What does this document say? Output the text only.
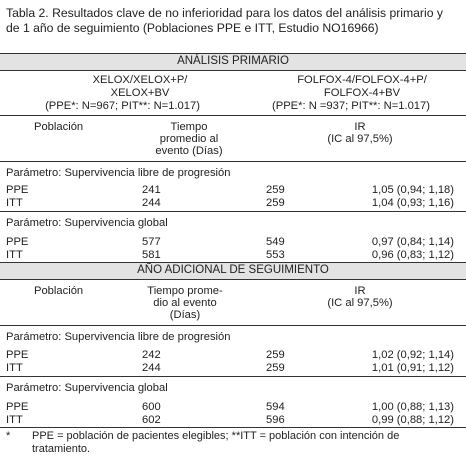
Tabla 2. Resultados clave de no inferioridad para los datos del análisis primario y de 1 año de seguimiento (Poblaciones PPE e ITT, Estudio NO16966)
ANÁLISIS PRIMARIO
XELOX/XELOX+P/
XELOX+BV
(PPE*: N=967; PIT**: N=1.017)
FOLFOX-4/FOLFOX-4+P/
FOLFOX-4+BV
(PPE*: N =937; PIT**: N=1.017)
Población	Tiempo
promedio al
evento (Días)
IR
(IC al 97,5%)
Parámetro: Supervivencia libre de progresión
PPE	241	259	1,05 (0,94; 1,18)
ITT	244	259	1,04 (0,93; 1,16)
Parámetro: Supervivencia global
PPE	577	549	0,97 (0,84; 1,14)
ITT	581	553	0,96 (0,83; 1,12)
AÑO ADICIONAL DE SEGUIMIENTO
Población	Tiempo prome-
dio al evento
(Días)
IR
(IC al 97,5%)
Parámetro: Supervivencia libre de progresión
PPE	242	259	1,02 (0,92; 1,14)
ITT	244	259	1,01 (0,91; 1,12)
Parámetro: Supervivencia global
PPE	600	594	1,00 (0,88; 1,13)
ITT	602	596	0,99 (0,88; 1,12)
* PPE = población de pacientes elegibles; **ITT = población con intención de tratamiento.
